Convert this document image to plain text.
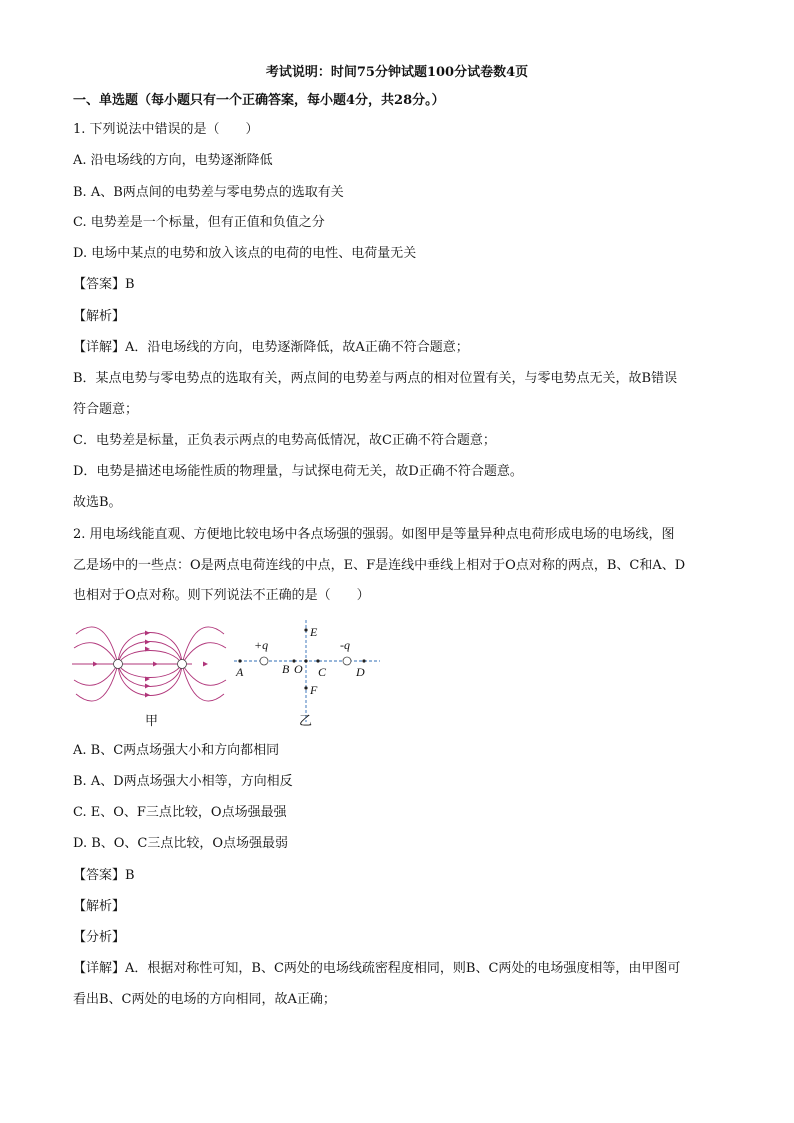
考试说明：时间75分钟试题100分试卷数4页
一、单选题（每小题只有一个正确答案，每小题4分，共28分。）
1. 下列说法中错误的是（　　）
A. 沿电场线的方向，电势逐渐降低
B. A、B两点间的电势差与零电势点的选取有关
C. 电势差是一个标量，但有正值和负值之分
D. 电场中某点的电势和放入该点的电荷的电性、电荷量无关
【答案】B
【解析】
【详解】A．沿电场线的方向，电势逐渐降低，故A正确不符合题意；
B．某点电势与零电势点的选取有关，两点间的电势差与两点的相对位置有关，与零电势点无关，故B错误
符合题意；
C．电势差是标量，正负表示两点的电势高低情况，故C正确不符合题意；
D．电势是描述电场能性质的物理量，与试探电荷无关，故D正确不符合题意。
故选B。
2. 用电场线能直观、方便地比较电场中各点场强的强弱。如图甲是等量异种点电荷形成电场的电场线，图
乙是场中的一些点：O是两点电荷连线的中点，E、F是连线中垂线上相对于O点对称的两点，B、C和A、D
也相对于O点对称。则下列说法不正确的是（　　）
+q	-q
A	B O C D
E
F
甲	乙
A. B、C两点场强大小和方向都相同
B. A、D两点场强大小相等，方向相反
C. E、O、F三点比较，O点场强最强
D. B、O、C三点比较，O点场强最弱
【答案】B
【解析】
【分析】
【详解】A．根据对称性可知，B、C两处的电场线疏密程度相同，则B、C两处的电场强度相等，由甲图可
看出B、C两处的电场的方向相同，故A正确；
